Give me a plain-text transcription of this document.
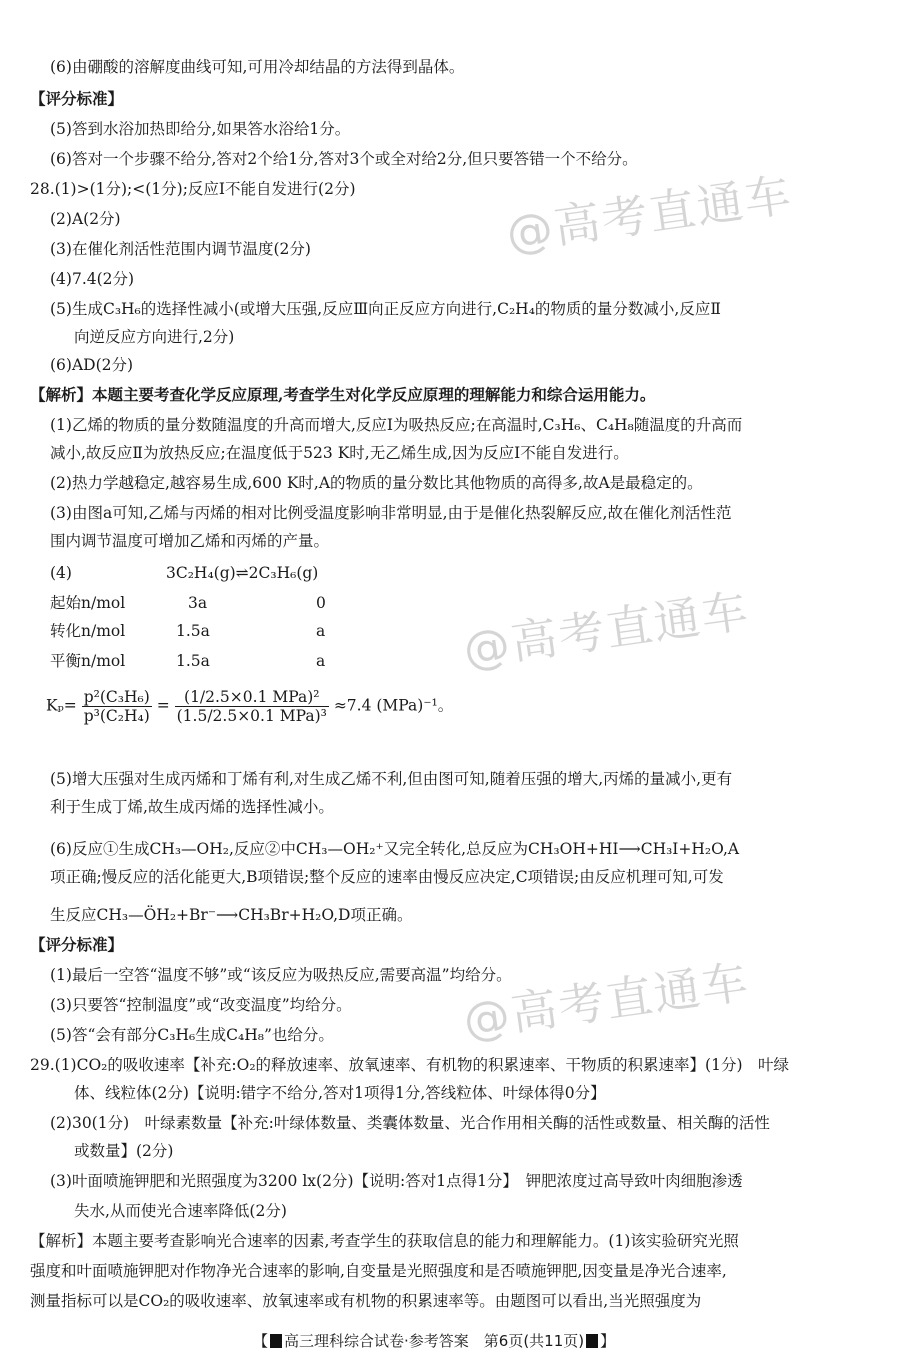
@高考直通车
@高考直通车
@高考直通车
(6)由硼酸的溶解度曲线可知,可用冷却结晶的方法得到晶体。
【评分标准】
(5)答到水浴加热即给分,如果答水浴给1分。
(6)答对一个步骤不给分,答对2个给1分,答对3个或全对给2分,但只要答错一个不给分。
28.(1)>(1分);<(1分);反应Ⅰ不能自发进行(2分)
(2)A(2分)
(3)在催化剂活性范围内调节温度(2分)
(4)7.4(2分)
(5)生成C₃H₆的选择性减小(或增大压强,反应Ⅲ向正反应方向进行,C₂H₄的物质的量分数减小,反应Ⅱ
向逆反应方向进行,2分)
(6)AD(2分)
【解析】本题主要考查化学反应原理,考查学生对化学反应原理的理解能力和综合运用能力。
(1)乙烯的物质的量分数随温度的升高而增大,反应Ⅰ为吸热反应;在高温时,C₃H₆、C₄H₈随温度的升高而
减小,故反应Ⅱ为放热反应;在温度低于523 K时,无乙烯生成,因为反应Ⅰ不能自发进行。
(2)热力学越稳定,越容易生成,600 K时,A的物质的量分数比其他物质的高得多,故A是最稳定的。
(3)由图a可知,乙烯与丙烯的相对比例受温度影响非常明显,由于是催化热裂解反应,故在催化剂活性范
围内调节温度可增加乙烯和丙烯的产量。
(4)	3C₂H₄(g)⇌2C₃H₆(g)
起始n/mol	3a	0
转化n/mol	1.5a	a
平衡n/mol	1.5a	a
$K_p= \frac{\text{p²(C₃H₆)}}{\text{p³(C₂H₄)}} = \frac{\text{(1/2.5×0.1 MPa)²}}{\text{(1.5/2.5×0.1 MPa)³}} \approx 7.4$ (MPa)⁻¹。
(5)增大压强对生成丙烯和丁烯有利,对生成乙烯不利,但由图可知,随着压强的增大,丙烯的量减小,更有
利于生成丁烯,故生成丙烯的选择性减小。
(6)反应①生成CH₃—OH₂,反应②中CH₃—OH₂⁺又完全转化,总反应为CH₃OH+HI⟶CH₃I+H₂O,A
项正确;慢反应的活化能更大,B项错误;整个反应的速率由慢反应决定,C项错误;由反应机理可知,可发
生反应CH₃—ÖH₂+Br⁻⟶CH₃Br+H₂O,D项正确。
【评分标准】
(1)最后一空答“温度不够”或“该反应为吸热反应,需要高温”均给分。
(3)只要答“控制温度”或“改变温度”均给分。
(5)答“会有部分C₃H₆生成C₄H₈”也给分。
29.(1)CO₂的吸收速率【补充:O₂的释放速率、放氧速率、有机物的积累速率、干物质的积累速率】(1分)　叶绿
体、线粒体(2分)【说明:错字不给分,答对1项得1分,答线粒体、叶绿体得0分】
(2)30(1分)　叶绿素数量【补充:叶绿体数量、类囊体数量、光合作用相关酶的活性或数量、相关酶的活性
或数量】(2分)
(3)叶面喷施钾肥和光照强度为3200 lx(2分)【说明:答对1点得1分】　钾肥浓度过高导致叶肉细胞渗透
失水,从而使光合速率降低(2分)
【解析】本题主要考查影响光合速率的因素,考查学生的获取信息的能力和理解能力。(1)该实验研究光照
强度和叶面喷施钾肥对作物净光合速率的影响,自变量是光照强度和是否喷施钾肥,因变量是净光合速率,
测量指标可以是CO₂的吸收速率、放氧速率或有机物的积累速率等。由题图可以看出,当光照强度为
【 高三理科综合试卷·参考答案　第6页(共11页) 】
